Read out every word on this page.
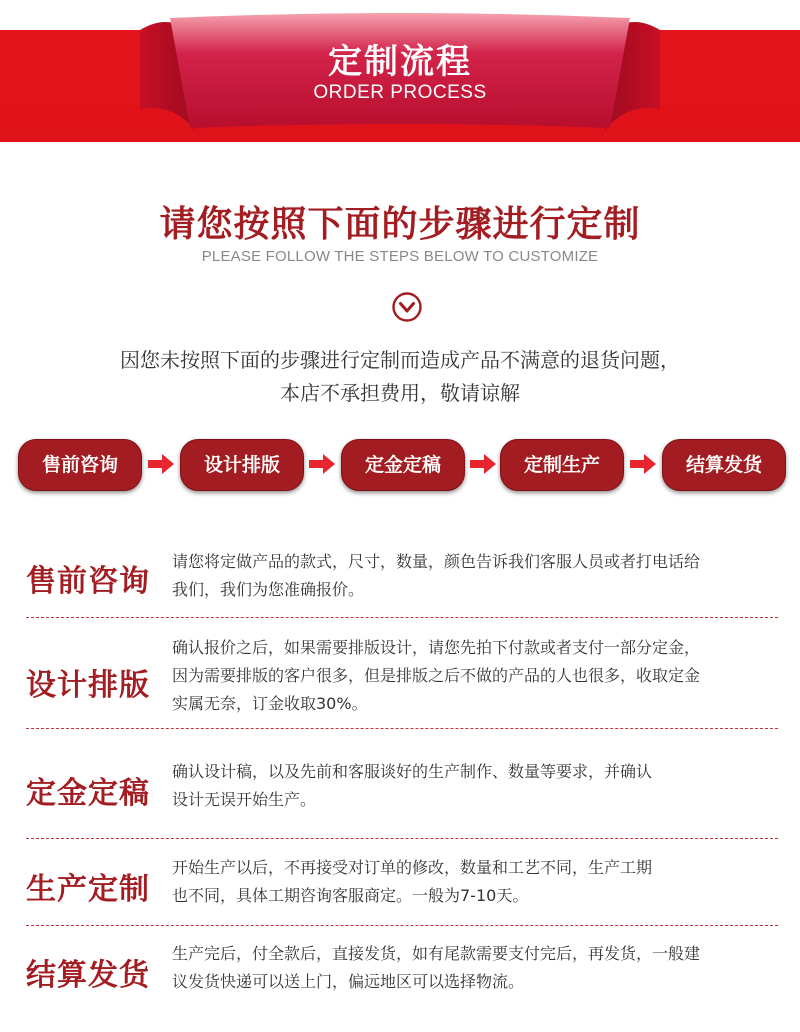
定制流程
ORDER PROCESS
请您按照下面的步骤进行定制
PLEASE FOLLOW THE STEPS BELOW TO CUSTOMIZE
因您未按照下面的步骤进行定制而造成产品不满意的退货问题，
本店不承担费用，敬请谅解
售前咨询	设计排版	定金定稿	定制生产	结算发货
售前咨询
请您将定做产品的款式，尺寸，数量，颜色告诉我们客服人员或者打电话给
我们，我们为您准确报价。
设计排版
确认报价之后，如果需要排版设计，请您先拍下付款或者支付一部分定金，
因为需要排版的客户很多，但是排版之后不做的产品的人也很多，收取定金
实属无奈，订金收取30%。
定金定稿
确认设计稿，以及先前和客服谈好的生产制作、数量等要求，并确认
设计无误开始生产。
生产定制
开始生产以后，不再接受对订单的修改，数量和工艺不同，生产工期
也不同，具体工期咨询客服商定。一般为7-10天。
结算发货
生产完后，付全款后，直接发货，如有尾款需要支付完后，再发货，一般建
议发货快递可以送上门，偏远地区可以选择物流。
